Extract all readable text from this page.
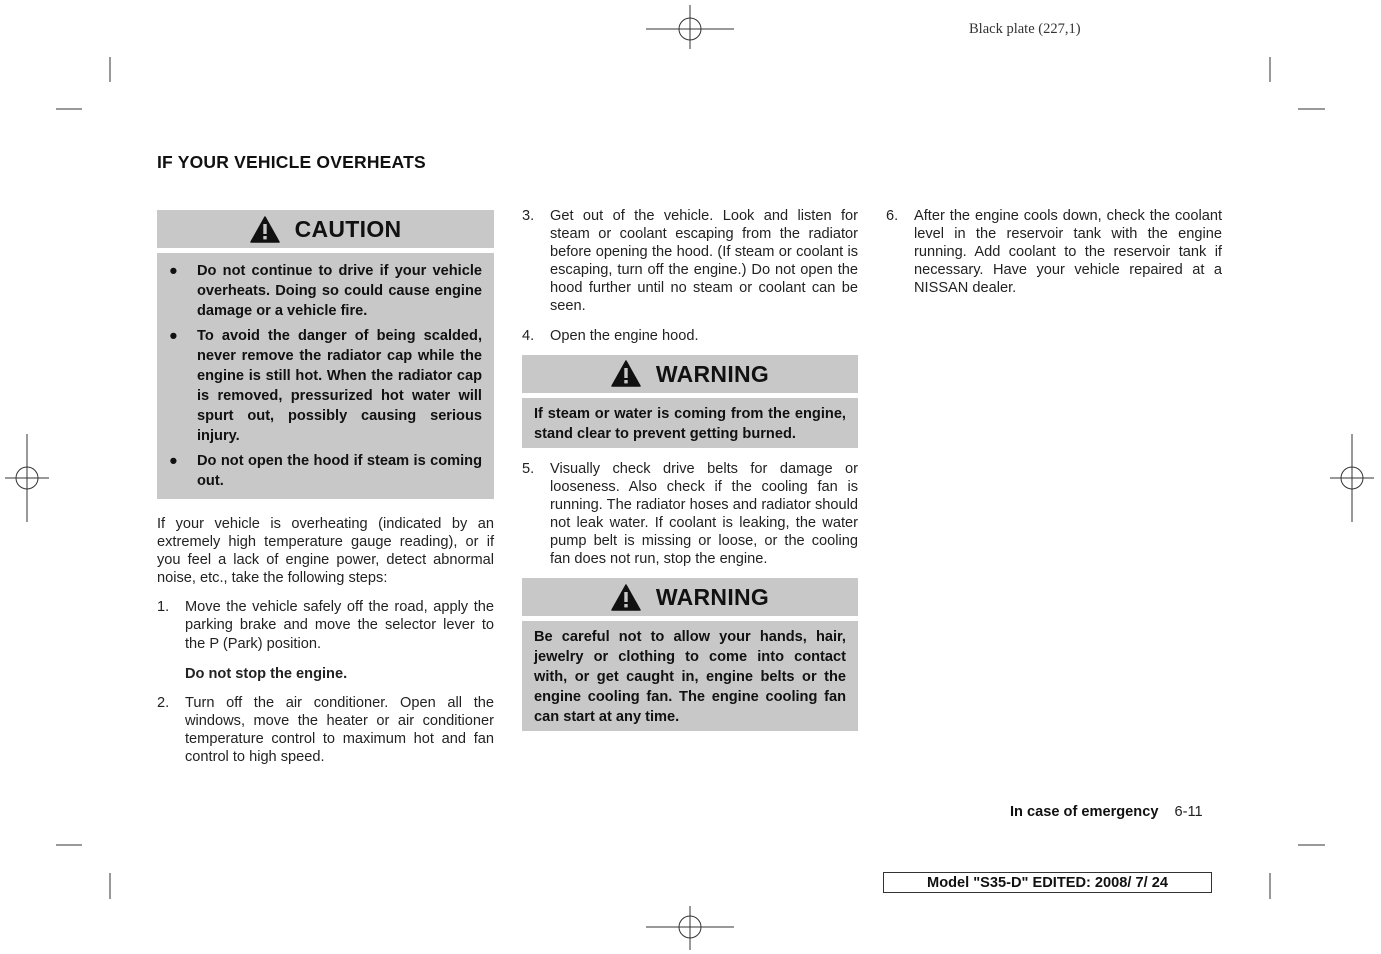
Black plate (227,1)
IF YOUR VEHICLE OVERHEATS
CAUTION
●	Do not continue to drive if your vehicle overheats. Doing so could cause engine damage or a vehicle fire.
●	To avoid the danger of being scalded, never remove the radiator cap while the engine is still hot. When the radiator cap is removed, pressurized hot water will spurt out, possibly causing serious injury.
●	Do not open the hood if steam is coming out.

If your vehicle is overheating (indicated by an extremely high temperature gauge reading), or if you feel a lack of engine power, detect abnormal noise, etc., take the following steps:

1.	Move the vehicle safely off the road, apply the parking brake and move the selector lever to the P (Park) position.
Do not stop the engine.
2.	Turn off the air conditioner. Open all the windows, move the heater or air conditioner temperature control to maximum hot and fan control to high speed.
3.	Get out of the vehicle. Look and listen for steam or coolant escaping from the radiator before opening the hood. (If steam or coolant is escaping, turn off the engine.) Do not open the hood further until no steam or coolant can be seen.
4.	Open the engine hood.
WARNING
If steam or water is coming from the engine, stand clear to prevent getting burned.
5.	Visually check drive belts for damage or looseness. Also check if the cooling fan is running. The radiator hoses and radiator should not leak water. If coolant is leaking, the water pump belt is missing or loose, or the cooling fan does not run, stop the engine.
WARNING
Be careful not to allow your hands, hair, jewelry or clothing to come into contact with, or get caught in, engine belts or the engine cooling fan. The engine cooling fan can start at any time.
6.	After the engine cools down, check the coolant level in the reservoir tank with the engine running. Add coolant to the reservoir tank if necessary. Have your vehicle repaired at a NISSAN dealer.
In case of emergency 6-11
Model "S35-D" EDITED: 2008/ 7/ 24
